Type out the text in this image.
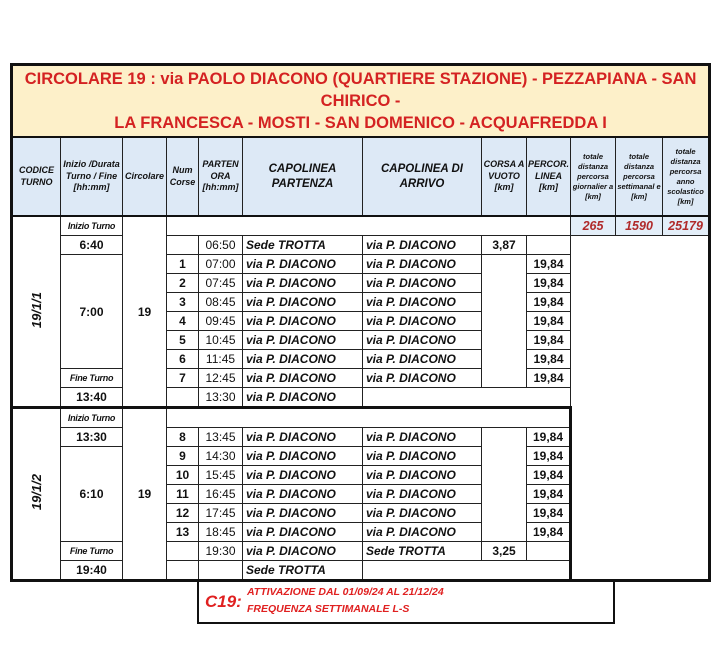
CIRCOLARE 19 : via PAOLO DIACONO (QUARTIERE STAZIONE) - PEZZAPIANA - SAN CHIRICO -
LA FRANCESCA - MOSTI - SAN DOMENICO - ACQUAFREDDA I											

CODICE TURNO	Inizio /Durata Turno / Fine [hh:mm]	Circolare	Num Corse	PARTEN ORA [hh:mm]	CAPOLINEA PARTENZA	CAPOLINEA DI ARRIVO	CORSA A VUOTO [km]	PERCOR. LINEA [km]	totale distanza percorsa giornalier a [km]	totale distanza percorsa settimanal e [km]	totale distanza percorsa anno scolastico [km]
19/1/1	Inizio Turno	19							265	1590	25179
	6:40			06:50	Sede TROTTA	via P. DIACONO	3,87				
	7:00		1	07:00	via P. DIACONO	via P. DIACONO		19,84			
			2	07:45	via P. DIACONO	via P. DIACONO		19,84			
			3	08:45	via P. DIACONO	via P. DIACONO		19,84			
			4	09:45	via P. DIACONO	via P. DIACONO		19,84			
			5	10:45	via P. DIACONO	via P. DIACONO		19,84			
			6	11:45	via P. DIACONO	via P. DIACONO		19,84			
	Fine Turno		7	12:45	via P. DIACONO	via P. DIACONO		19,84			
	13:40			13:30	via P. DIACONO						
19/1/2	Inizio Turno	19									
	13:30		8	13:45	via P. DIACONO	via P. DIACONO		19,84			
	6:10		9	14:30	via P. DIACONO	via P. DIACONO		19,84			
			10	15:45	via P. DIACONO	via P. DIACONO		19,84			
			11	16:45	via P. DIACONO	via P. DIACONO		19,84			
			12	17:45	via P. DIACONO	via P. DIACONO		19,84			
			13	18:45	via P. DIACONO	via P. DIACONO		19,84			
	Fine Turno			19:30	via P. DIACONO	Sede TROTTA	3,25				
	19:40				Sede TROTTA						
C19: ATTIVAZIONE DAL 01/09/24 AL 21/12/24
FREQUENZA SETTIMANALE L-S
